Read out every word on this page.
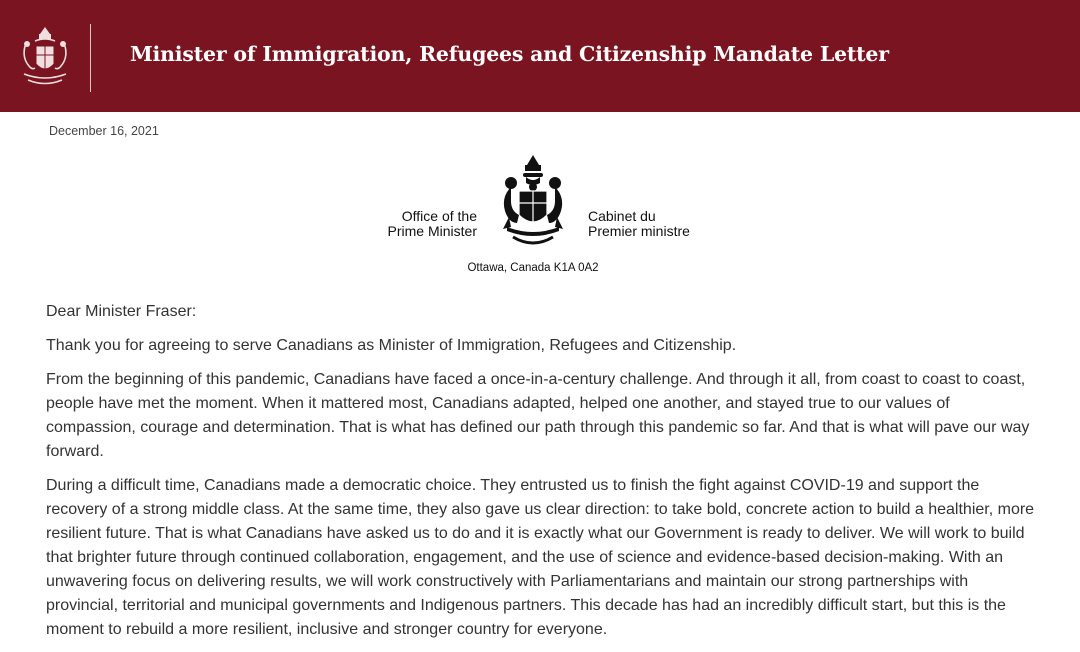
Minister of Immigration, Refugees and Citizenship Mandate Letter
December 16, 2021
Office of the
Prime Minister
Cabinet du
Premier ministre
Ottawa, Canada K1A 0A2

Dear Minister Fraser:

Thank you for agreeing to serve Canadians as Minister of Immigration, Refugees and Citizenship.

From the beginning of this pandemic, Canadians have faced a once-in-a-century challenge. And through it all, from coast to coast to coast, people have met the moment. When it mattered most, Canadians adapted, helped one another, and stayed true to our values of compassion, courage and determination. That is what has defined our path through this pandemic so far. And that is what will pave our way forward.

During a difficult time, Canadians made a democratic choice. They entrusted us to finish the fight against COVID-19 and support the recovery of a strong middle class. At the same time, they also gave us clear direction: to take bold, concrete action to build a healthier, more resilient future. That is what Canadians have asked us to do and it is exactly what our Government is ready to deliver. We will work to build that brighter future through continued collaboration, engagement, and the use of science and evidence-based decision-making. With an unwavering focus on delivering results, we will work constructively with Parliamentarians and maintain our strong partnerships with provincial, territorial and municipal governments and Indigenous partners. This decade has had an incredibly difficult start, but this is the moment to rebuild a more resilient, inclusive and stronger country for everyone.
